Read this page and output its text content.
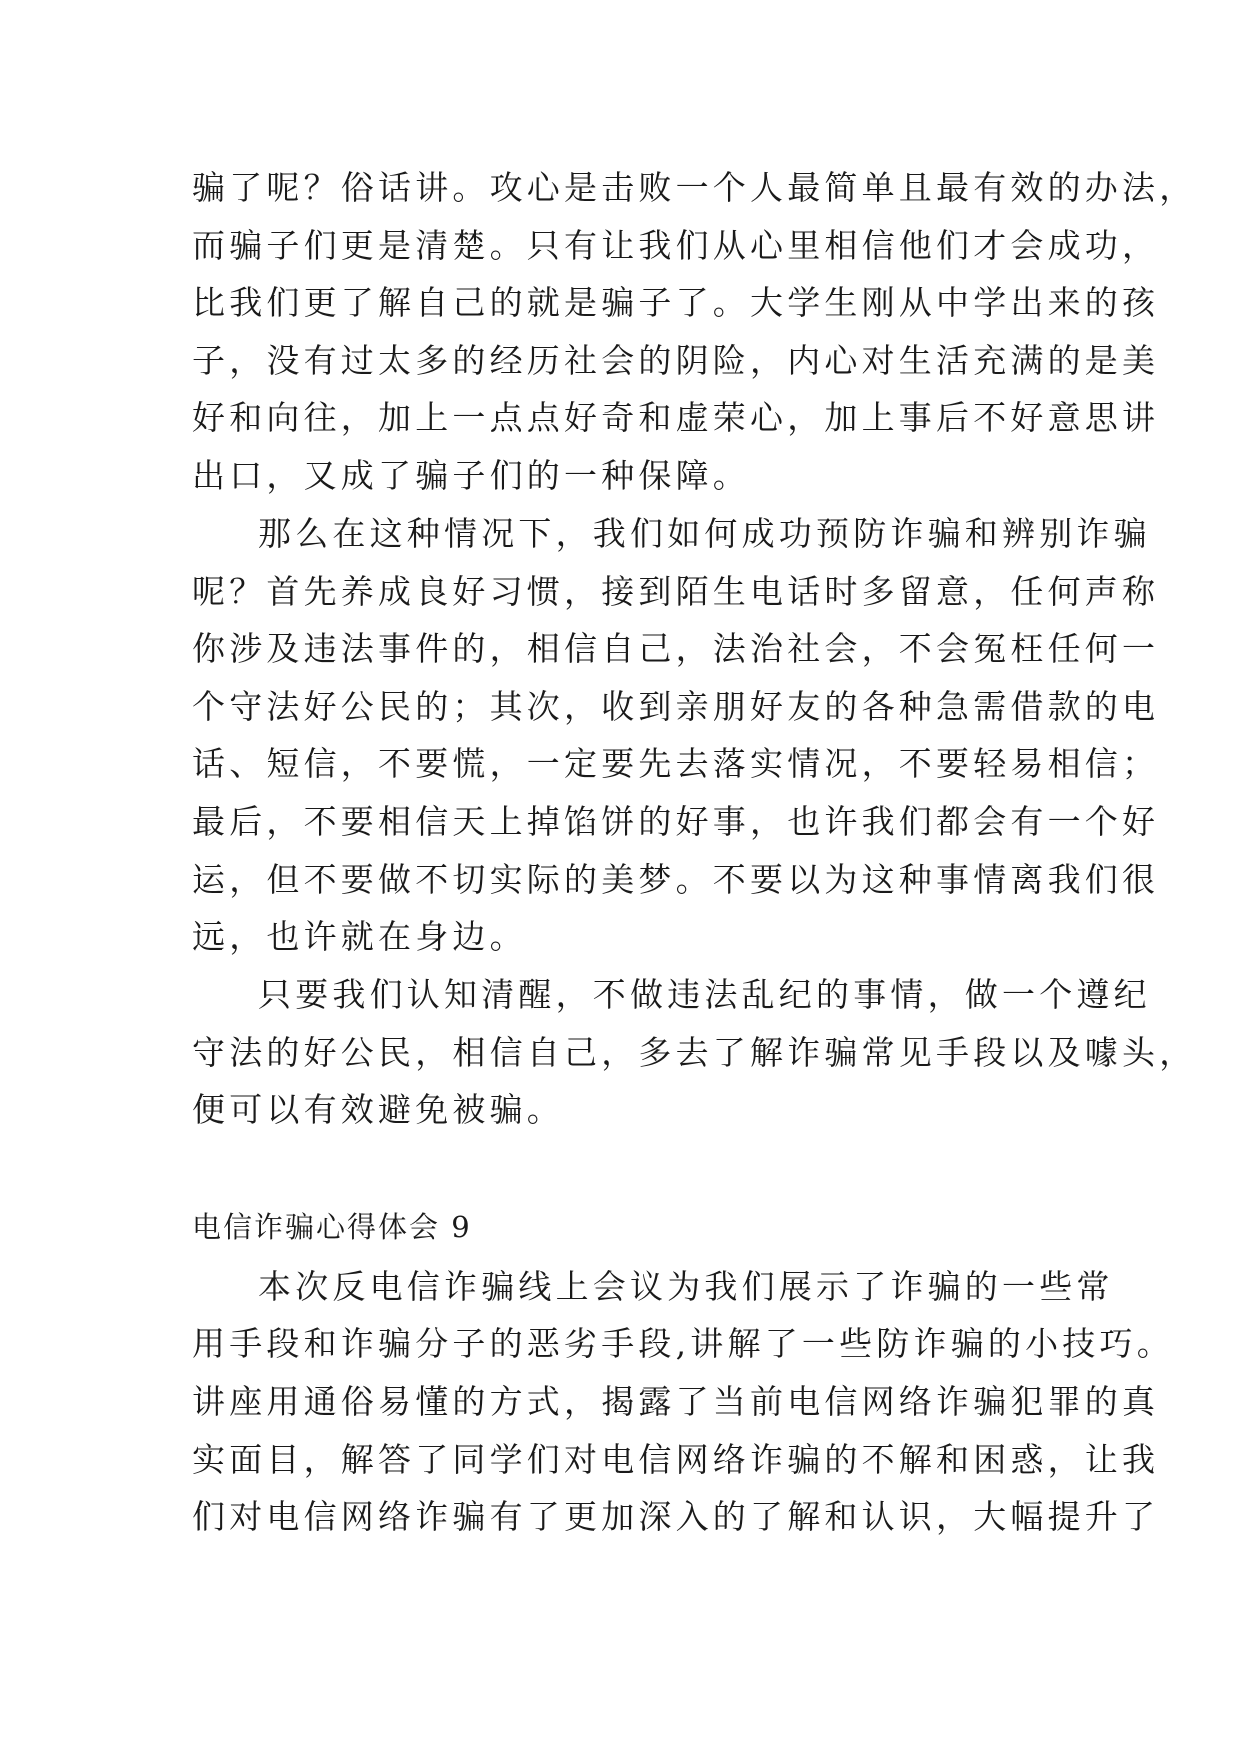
骗了呢？俗话讲。攻心是击败一个人最简单且最有效的办法，
而骗子们更是清楚。只有让我们从心里相信他们才会成功，
比我们更了解自己的就是骗子了。大学生刚从中学出来的孩
子，没有过太多的经历社会的阴险，内心对生活充满的是美
好和向往，加上一点点好奇和虚荣心，加上事后不好意思讲
出口，又成了骗子们的一种保障。
那么在这种情况下，我们如何成功预防诈骗和辨别诈骗
呢？首先养成良好习惯，接到陌生电话时多留意，任何声称
你涉及违法事件的，相信自己，法治社会，不会冤枉任何一
个守法好公民的；其次，收到亲朋好友的各种急需借款的电
话、短信，不要慌，一定要先去落实情况，不要轻易相信；
最后，不要相信天上掉馅饼的好事，也许我们都会有一个好
运，但不要做不切实际的美梦。不要以为这种事情离我们很
远，也许就在身边。
只要我们认知清醒，不做违法乱纪的事情，做一个遵纪
守法的好公民，相信自己，多去了解诈骗常见手段以及噱头，
便可以有效避免被骗。
电信诈骗心得体会 9
本次反电信诈骗线上会议为我们展示了诈骗的一些常
用手段和诈骗分子的恶劣手段,讲解了一些防诈骗的小技巧。
讲座用通俗易懂的方式，揭露了当前电信网络诈骗犯罪的真
实面目，解答了同学们对电信网络诈骗的不解和困惑，让我
们对电信网络诈骗有了更加深入的了解和认识，大幅提升了
